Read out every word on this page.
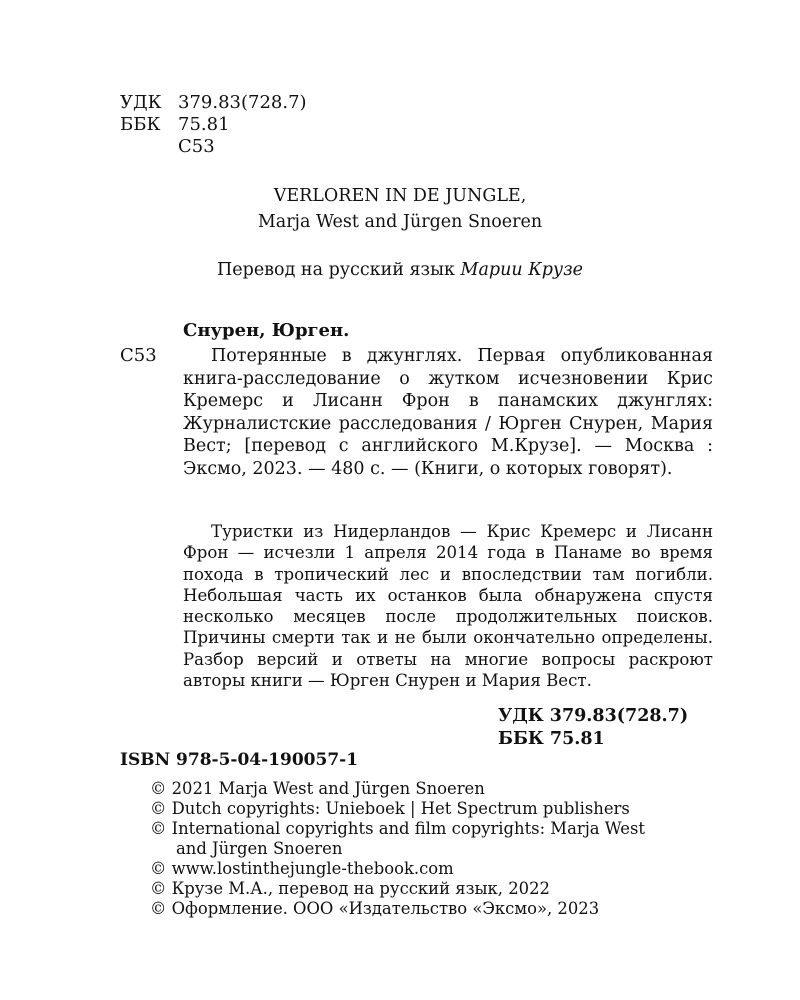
УДК 379.83(728.7)
ББК 75.81
С53
VERLOREN IN DE JUNGLE,
Marja West and Jürgen Snoeren
Перевод на русский язык Марии Крузе
Снурен, Юрген.
С53	Потерянные в джунглях. Первая опубликованная книга-расследование о жутком исчезновении Крис Кремерс и Лисанн Фрон в панамских джунглях: Журналистские расследования / Юрген Снурен, Мария Вест; [перевод с английского М.Крузе]. — Москва : Эксмо, 2023. — 480 с. — (Книги, о которых говорят).
Туристки из Нидерландов — Крис Кремерс и Лисанн Фрон — исчезли 1 апреля 2014 года в Панаме во время похода в тропический лес и впоследствии там погибли. Небольшая часть их останков была обнаружена спустя несколько месяцев после продолжительных поисков. Причины смерти так и не были окончательно определены. Разбор версий и ответы на многие вопросы раскроют авторы книги — Юрген Снурен и Мария Вест.
УДК 379.83(728.7)
ББК 75.81
ISBN 978-5-04-190057-1
© 2021 Marja West and Jürgen Snoeren
© Dutch copyrights: Unieboek | Het Spectrum publishers
© International copyrights and film copyrights: Marja West
and Jürgen Snoeren
© www.lostinthejungle-thebook.com
© Крузе М.А., перевод на русский язык, 2022
© Оформление. ООО «Издательство «Эксмо», 2023
